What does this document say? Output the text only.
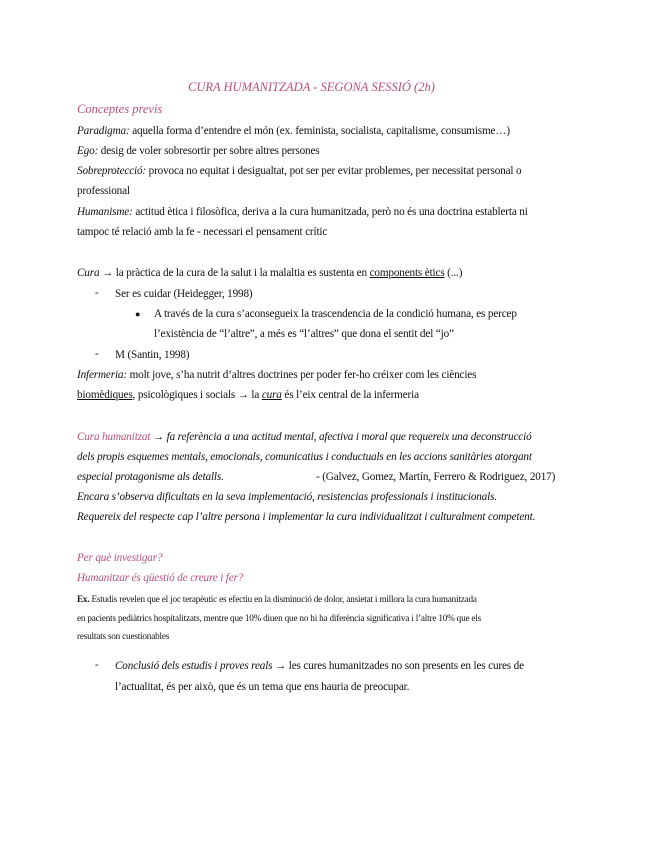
CURA HUMANITZADA - SEGONA SESSIÓ (2h)
Conceptes previs
Paradigma: aquella forma d’entendre el món (ex. feminista, socialista, capitalisme, consumisme…)
Ego: desig de voler sobresortir per sobre altres persones
Sobreprotecció: provoca no equitat i desigualtat, pot ser per evitar problemes, per necessitat personal o
professional
Humanisme: actitud ètica i filosòfica, deriva a la cura humanitzada, però no és una doctrina establerta ni
tampoc té relació amb la fe - necessari el pensament crític
Cura → la pràctica de la cura de la salut i la malaltia es sustenta en components ètics (...)
- Ser es cuidar (Heidegger, 1998)
● A través de la cura s’aconsegueix la trascendencia de la condició humana, es percep
l’existència de “l’altre”, a més es “l’altres” que dona el sentit del “jo”
- M (Santin, 1998)
Infermeria: molt jove, s’ha nutrit d’altres doctrines per poder fer-ho créixer com les ciències
biomèdiques, psicològiques i socials → la cura és l’eix central de la infermeria
Cura humanitzat → fa referència a una actitud mental, afectiva i moral que requereix una deconstrucció
dels propis esquemes mentals, emocionals, comunicatius i conductuals en les accions sanitàries atorgant
especial protagonisme als detalls.	- (Galvez, Gomez, Martín, Ferrero & Rodriguez, 2017)
Encara s’observa dificultats en la seva implementació, resistencias professionals i institucionals.
Requereix del respecte cap l’altre persona i implementar la cura individualitzat i culturalment competent.
Per què investigar?
Humanitzar és qüestió de creure i fer?
Ex. Estudis revelen que el joc terapèutic es efectiu en la disminució de dolor, ansietat i millora la cura humanitzada
en pacients pediàtrics hospitalitzats, mentre que 10% diuen que no hi ha diferència significativa i l’altre 10% que els
resultats son cuestionables
- Conclusió dels estudis i proves reals → les cures humanitzades no son presents en les cures de
l’actualitat, és per això, que és un tema que ens hauria de preocupar.
